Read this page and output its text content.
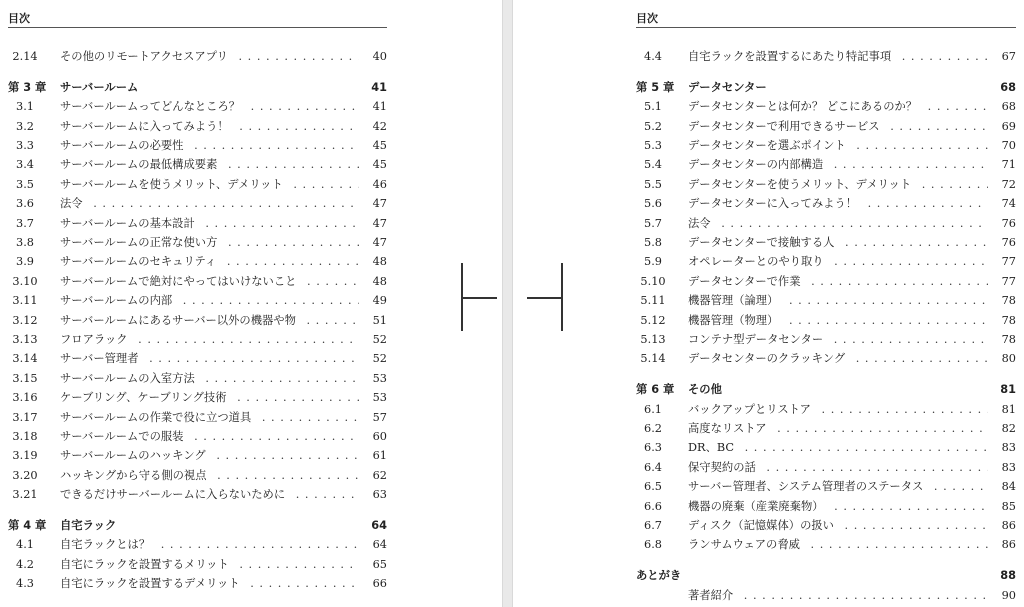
目次
2.14	その他のリモートアクセスアプリ . . .	40
第 3 章	サーバールーム	41
3.1	サーバールームってどんなところ？ . . .	41
3.2	サーバールームに入ってみよう！ . . .	42
3.3	サーバールームの必要性 . . .	45
3.4	サーバールームの最低構成要素 . . .	45
3.5	サーバールームを使うメリット、デメリット . . .	46
3.6	法令 . . .	47
3.7	サーバールームの基本設計 . . .	47
3.8	サーバールームの正常な使い方 . . .	47
3.9	サーバールームのセキュリティ . . .	48
3.10	サーバールームで絶対にやってはいけないこと . . .	48
3.11	サーバールームの内部 . . .	49
3.12	サーバールームにあるサーバー以外の機器や物 . . .	51
3.13	フロアラック . . .	52
3.14	サーバー管理者 . . .	52
3.15	サーバールームの入室方法 . . .	53
3.16	ケーブリング、ケーブリング技術 . . .	53
3.17	サーバールームの作業で役に立つ道具 . . .	57
3.18	サーバールームでの服装 . . .	60
3.19	サーバールームのハッキング . . .	61
3.20	ハッキングから守る側の視点 . . .	62
3.21	できるだけサーバールームに入らないために . . .	63
第 4 章	自宅ラック	64
4.1	自宅ラックとは？ . . .	64
4.2	自宅にラックを設置するメリット . . .	65
4.3	自宅にラックを設置するデメリット . . .	66
目次
4.4	自宅ラックを設置するにあたり特記事項 . . .	67
第 5 章	データセンター	68
5.1	データセンターとは何か？ どこにあるのか？ . . .	68
5.2	データセンターで利用できるサービス . . .	69
5.3	データセンターを選ぶポイント . . .	70
5.4	データセンターの内部構造 . . .	71
5.5	データセンターを使うメリット、デメリット . . .	72
5.6	データセンターに入ってみよう！ . . .	74
5.7	法令 . . .	76
5.8	データセンターで接触する人 . . .	76
5.9	オペレーターとのやり取り . . .	77
5.10	データセンターで作業 . . .	77
5.11	機器管理（論理） . . .	78
5.12	機器管理（物理） . . .	78
5.13	コンテナ型データセンター . . .	78
5.14	データセンターのクラッキング . . .	80
第 6 章	その他	81
6.1	バックアップとリストア . . .	81
6.2	高度なリストア . . .	82
6.3	DR、BC . . .	83
6.4	保守契約の話 . . .	83
6.5	サーバー管理者、システム管理者のステータス . . .	84
6.6	機器の廃棄（産業廃棄物） . . .	85
6.7	ディスク（記憶媒体）の扱い . . .	86
6.8	ランサムウェアの脅威 . . .	86
あとがき	88
著者紹介 . . .	90
